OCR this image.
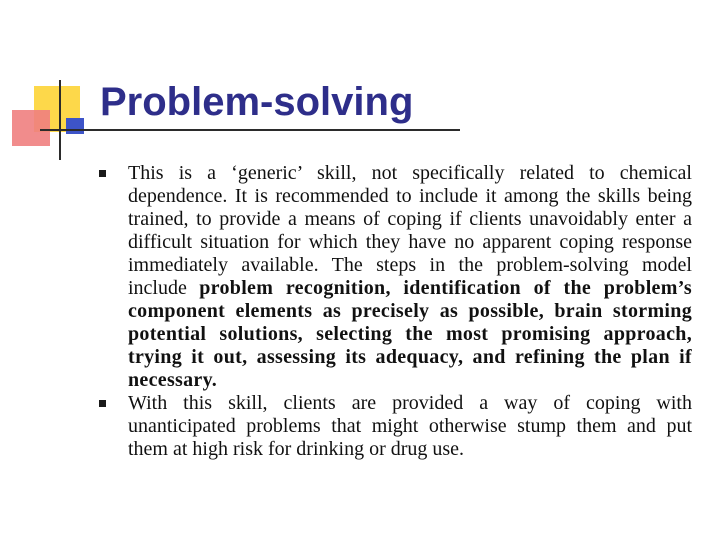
Problem-solving
This is a ‘generic’ skill, not specifically related to chemical dependence. It is recommended to include it among the skills being trained, to provide a means of coping if clients unavoidably enter a difficult situation for which they have no apparent coping response immediately available. The steps in the problem-solving model include problem recognition, identification of the problem’s component elements as precisely as possible, brain storming potential solutions, selecting the most promising approach, trying it out, assessing its adequacy, and refining the plan if necessary.
With this skill, clients are provided a way of coping with unanticipated problems that might otherwise stump them and put them at high risk for drinking or drug use.
